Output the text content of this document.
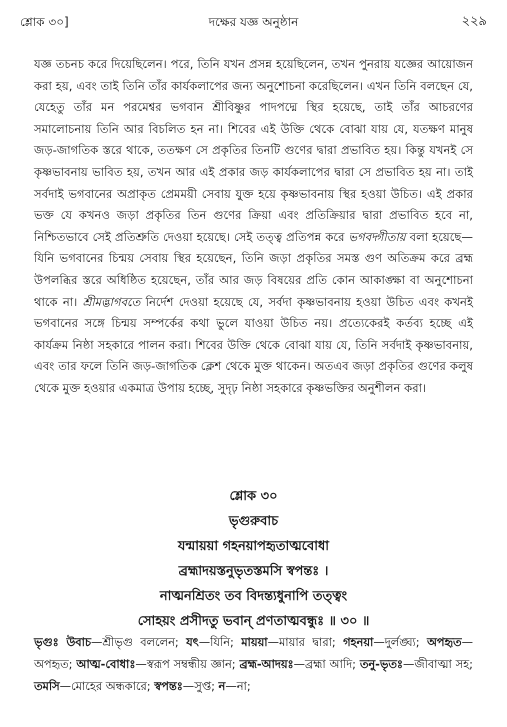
শ্লোক ৩০]	দক্ষের যজ্ঞ অনুষ্ঠান	২২৯

যজ্ঞ তচনচ করে দিয়েছিলেন। পরে, তিনি যখন প্রসন্ন হয়েছিলেন, তখন পুনরায় যজ্ঞের আয়োজন করা হয়, এবং তাই তিনি তাঁর কার্যকলাপের জন্য অনুশোচনা করেছিলেন। এখন তিনি বলছেন যে, যেহেতু তাঁর মন পরমেশ্বর ভগবান শ্রীবিষ্ণুর পাদপদ্মে স্থির হয়েছে, তাই তাঁর আচরণের সমালোচনায় তিনি আর বিচলিত হন না। শিবের এই উক্তি থেকে বোঝা যায় যে, যতক্ষণ মানুষ জড়-জাগতিক স্তরে থাকে, ততক্ষণ সে প্রকৃতির তিনটি গুণের দ্বারা প্রভাবিত হয়। কিন্তু যখনই সে কৃষ্ণভাবনায় ভাবিত হয়, তখন আর এই প্রকার জড় কার্যকলাপের দ্বারা সে প্রভাবিত হয় না। তাই সর্বদাই ভগবানের অপ্রাকৃত প্রেমময়ী সেবায় যুক্ত হয়ে কৃষ্ণভাবনায় স্থির হওয়া উচিত। এই প্রকার ভক্ত যে কখনও জড়া প্রকৃতির তিন গুণের ক্রিয়া এবং প্রতিক্রিয়ার দ্বারা প্রভাবিত হবে না, নিশ্চিতভাবে সেই প্রতিশ্রুতি দেওয়া হয়েছে। সেই তত্ত্ব প্রতিপন্ন করে ভগবদ্গীতায় বলা হয়েছে—যিনি ভগবানের চিন্ময় সেবায় স্থির হয়েছেন, তিনি জড়া প্রকৃতির সমস্ত গুণ অতিক্রম করে ব্রহ্ম উপলব্ধির স্তরে অধিষ্ঠিত হয়েছেন, তাঁর আর জড় বিষয়ের প্রতি কোন আকাঙ্ক্ষা বা অনুশোচনা থাকে না। শ্রীমদ্ভাগবতে নির্দেশ দেওয়া হয়েছে যে, সর্বদা কৃষ্ণভাবনায় হওয়া উচিত এবং কখনই ভগবানের সঙ্গে চিন্ময় সম্পর্কের কথা ভুলে যাওয়া উচিত নয়। প্রত্যেকেরই কর্তব্য হচ্ছে এই কার্যক্রম নিষ্ঠা সহকারে পালন করা। শিবের উক্তি থেকে বোঝা যায় যে, তিনি সর্বদাই কৃষ্ণভাবনায়, এবং তার ফলে তিনি জড়-জাগতিক ক্লেশ থেকে মুক্ত থাকেন। অতএব জড়া প্রকৃতির গুণের কলুষ থেকে মুক্ত হওয়ার একমাত্র উপায় হচ্ছে, সুদৃঢ় নিষ্ঠা সহকারে কৃষ্ণভক্তির অনুশীলন করা।

শ্লোক ৩০
ভৃগুরুবাচ
যন্মায়য়া গহনয়াপহৃতাত্মবোধা
ব্রহ্মাদয়স্তনুভৃতস্তমসি স্বপন্তঃ ।
নাত্মনশ্রিতং তব বিদন্ত্যধুনাপি তত্ত্বং
সোহয়ং প্রসীদতু ভবান্ প্রণতাত্মবন্ধুঃ ॥ ৩০ ॥

ভৃগুঃ উবাচ—শ্রীভৃগু বললেন; যৎ—যিনি; মায়য়া—মায়ার দ্বারা; গহনয়া—দুর্লঙ্ঘ্য; অপহৃত—অপহৃত; আত্ম-বোধাঃ—স্বরূপ সম্বন্ধীয় জ্ঞান; ব্রহ্ম-আদয়ঃ—ব্রহ্মা আদি; তনু-ভৃতঃ—জীবাত্মা সহ; তমসি—মোহের অন্ধকারে; স্বপন্তঃ—সুপ্ত; ন—না;
